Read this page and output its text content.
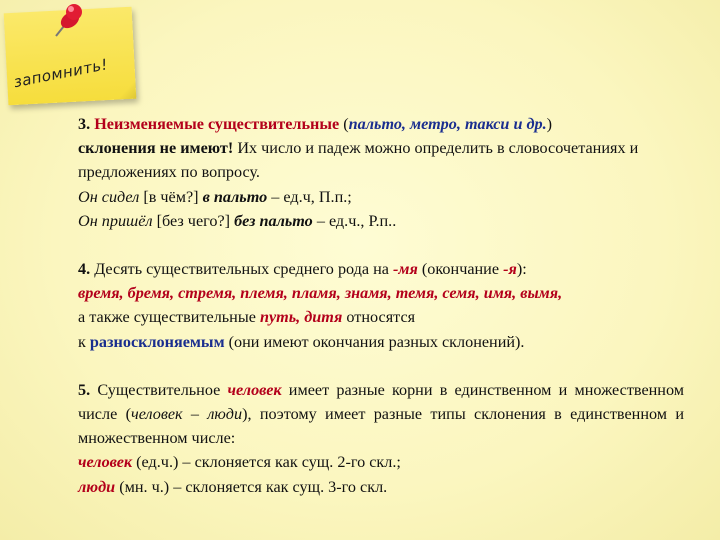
запомнить!

3. Неизменяемые существительные (пальто, метро, такси и др.)
склонения не имеют! Их число и падеж можно определить в словосочетаниях и предложениях по вопросу.

Он сидел [в чём?] в пальто – ед.ч, П.п.;

Он пришёл [без чего?] без пальто – ед.ч., Р.п..

4. Десять существительных среднего рода на -мя (окончание -я):
время, бремя, стремя, племя, пламя, знамя, темя, семя, имя, вымя,
а также существительные путь, дитя относятся
к разносклоняемым (они имеют окончания разных склонений).

5. Существительное человек имеет разные корни в единственном и множественном числе (человек – люди), поэтому имеет разные типы склонения в единственном и множественном числе:

человек (ед.ч.) – склоняется как сущ. 2-го скл.;

люди (мн. ч.) – склоняется как сущ. 3-го скл.
